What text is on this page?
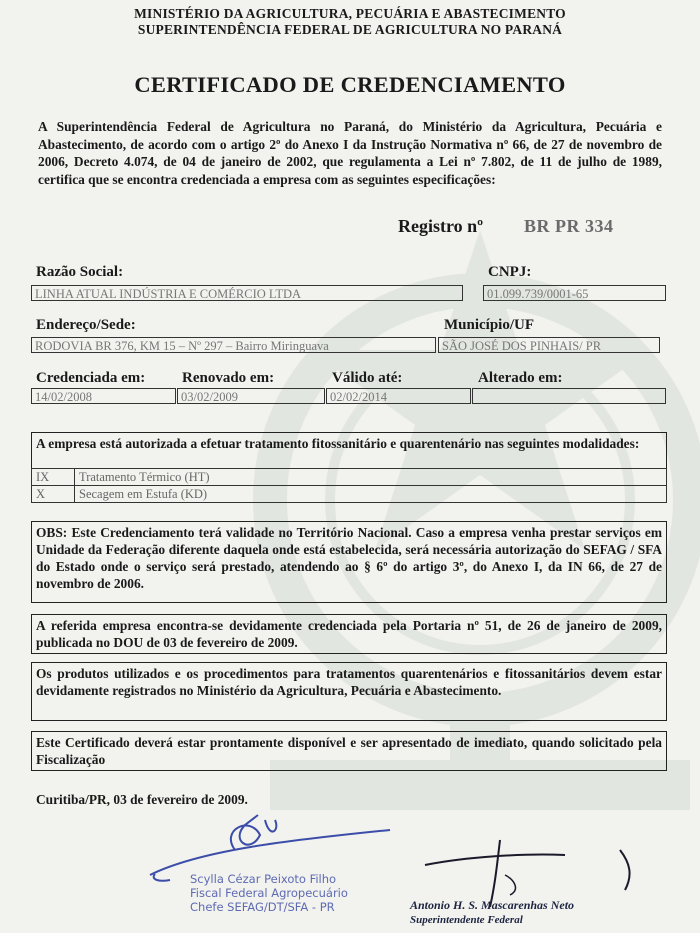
MINISTÉRIO DA AGRICULTURA, PECUÁRIA E ABASTECIMENTO
SUPERINTENDÊNCIA FEDERAL DE AGRICULTURA NO PARANÁ
CERTIFICADO DE CREDENCIAMENTO
A Superintendência Federal de Agricultura no Paraná, do Ministério da Agricultura, Pecuária e Abastecimento, de acordo com o artigo 2º do Anexo I da Instrução Normativa nº 66, de 27 de novembro de 2006, Decreto 4.074, de 04 de janeiro de 2002, que regulamenta a Lei nº 7.802, de 11 de julho de 1989, certifica que se encontra credenciada a empresa com as seguintes especificações:
Registro nº BR PR 334
Razão Social:
LINHA ATUAL INDÚSTRIA E COMÉRCIO LTDA
CNPJ:
01.099.739/0001-65
Endereço/Sede:
RODOVIA BR 376, KM 15 – Nº 297 – Bairro Miringuava
Município/UF
SÃO JOSÉ DOS PINHAIS/ PR
Credenciada em:
14/02/2008
Renovado em:
03/02/2009
Válido até:
02/02/2014
Alterado em:
A empresa está autorizada a efetuar tratamento fitossanitário e quarentenário nas seguintes modalidades:
IX	Tratamento Térmico (HT)
X	Secagem em Estufa (KD)
OBS: Este Credenciamento terá validade no Território Nacional. Caso a empresa venha prestar serviços em Unidade da Federação diferente daquela onde está estabelecida, será necessária autorização do SEFAG / SFA do Estado onde o serviço será prestado, atendendo ao § 6º do artigo 3º, do Anexo I, da IN 66, de 27 de novembro de 2006.
A referida empresa encontra-se devidamente credenciada pela Portaria nº 51, de 26 de janeiro de 2009, publicada no DOU de 03 de fevereiro de 2009.
Os produtos utilizados e os procedimentos para tratamentos quarentenários e fitossanitários devem estar devidamente registrados no Ministério da Agricultura, Pecuária e Abastecimento.
Este Certificado deverá estar prontamente disponível e ser apresentado de imediato, quando solicitado pela Fiscalização
Curitiba/PR, 03 de fevereiro de 2009.
Scylla Cézar Peixoto Filho
Fiscal Federal Agropecuário
Chefe SEFAG/DT/SFA - PR	Antonio H. S. Mascarenhas Neto
Superintendente Federal
